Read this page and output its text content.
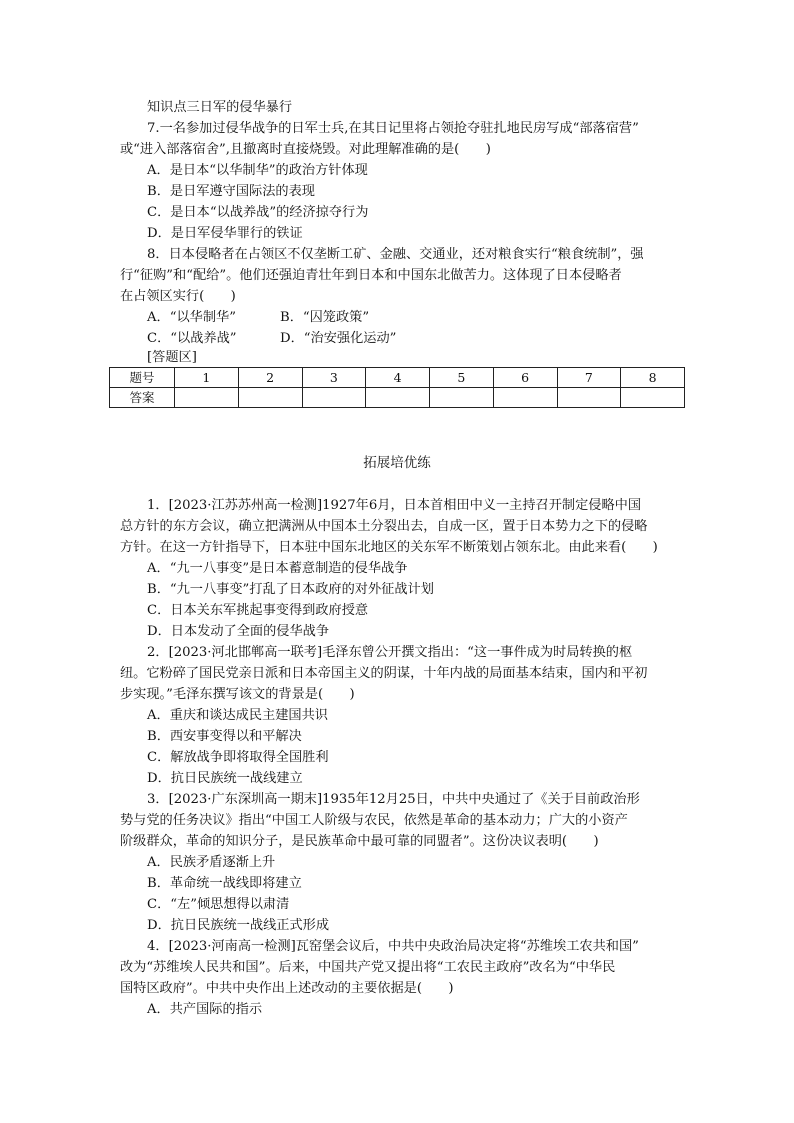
知识点三日军的侵华暴行
7.一名参加过侵华战争的日军士兵,在其日记里将占领抢夺驻扎地民房写成“部落宿营”
或“进入部落宿舍”,且撤离时直接烧毁。对此理解准确的是(　　)
A．是日本“以华制华”的政治方针体现
B．是日军遵守国际法的表现
C．是日本“以战养战”的经济掠夺行为
D．是日军侵华罪行的铁证
8．日本侵略者在占领区不仅垄断工矿、金融、交通业，还对粮食实行“粮食统制”，强
行“征购”和“配给”。他们还强迫青壮年到日本和中国东北做苦力。这体现了日本侵略者
在占领区实行(　　)
A．“以华制华”	B．“囚笼政策”
C．“以战养战”	D．“治安强化运动”
[答题区]
题号	1	2	3	4	5	6	7	8
答案								
拓展培优练
1．[2023·江苏苏州高一检测]1927年6月，日本首相田中义一主持召开制定侵略中国
总方针的东方会议，确立把满洲从中国本土分裂出去，自成一区，置于日本势力之下的侵略
方针。在这一方针指导下，日本驻中国东北地区的关东军不断策划占领东北。由此来看(　　)
A．“九一八事变”是日本蓄意制造的侵华战争
B．“九一八事变”打乱了日本政府的对外征战计划
C．日本关东军挑起事变得到政府授意
D．日本发动了全面的侵华战争
2．[2023·河北邯郸高一联考]毛泽东曾公开撰文指出：“这一事件成为时局转换的枢
纽。它粉碎了国民党亲日派和日本帝国主义的阴谋，十年内战的局面基本结束，国内和平初
步实现。”毛泽东撰写该文的背景是(　　)
A．重庆和谈达成民主建国共识
B．西安事变得以和平解决
C．解放战争即将取得全国胜利
D．抗日民族统一战线建立
3．[2023·广东深圳高一期末]1935年12月25日，中共中央通过了《关于目前政治形
势与党的任务决议》指出“中国工人阶级与农民，依然是革命的基本动力；广大的小资产
阶级群众，革命的知识分子，是民族革命中最可靠的同盟者”。这份决议表明(　　)
A．民族矛盾逐渐上升
B．革命统一战线即将建立
C．“左”倾思想得以肃清
D．抗日民族统一战线正式形成
4．[2023·河南高一检测]瓦窑堡会议后，中共中央政治局决定将“苏维埃工农共和国”
改为“苏维埃人民共和国”。后来，中国共产党又提出将“工农民主政府”改名为“中华民
国特区政府”。中共中央作出上述改动的主要依据是(　　)
A．共产国际的指示
